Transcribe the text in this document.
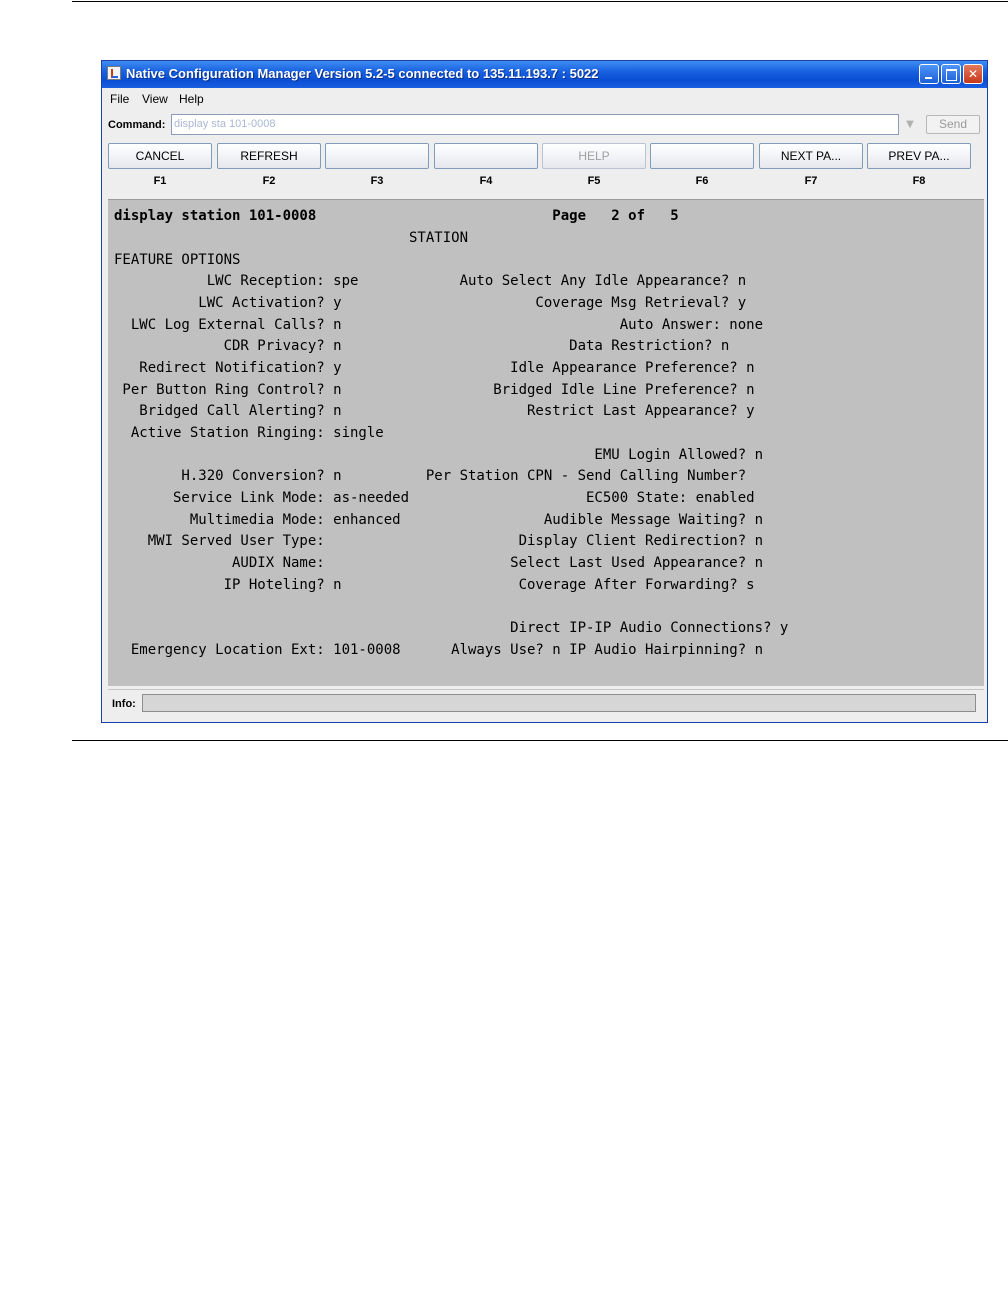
Native Configuration Manager Version 5.2-5 connected to 135.11.193.7 : 5022
✕
File View Help
Command: display sta 101-0008	▼	Send
CANCEL	REFRESH	HELP	NEXT PA...	PREV PA...
F1	F2	F3	F4	F5	F6	F7	F8
display station 101-0008                            Page   2 of   5
STATION
FEATURE OPTIONS
LWC Reception: spe            Auto Select Any Idle Appearance? n
LWC Activation? y                       Coverage Msg Retrieval? y
LWC Log External Calls? n                                 Auto Answer: none
CDR Privacy? n                           Data Restriction? n
Redirect Notification? y                    Idle Appearance Preference? n
Per Button Ring Control? n                  Bridged Idle Line Preference? n
Bridged Call Alerting? n                      Restrict Last Appearance? y
Active Station Ringing: single
EMU Login Allowed? n
H.320 Conversion? n          Per Station CPN - Send Calling Number?
Service Link Mode: as-needed                     EC500 State: enabled
Multimedia Mode: enhanced                 Audible Message Waiting? n
MWI Served User Type:                       Display Client Redirection? n
AUDIX Name:                      Select Last Used Appearance? n
IP Hoteling? n                     Coverage After Forwarding? s
Direct IP-IP Audio Connections? y
Emergency Location Ext: 101-0008      Always Use? n IP Audio Hairpinning? n
Info:
